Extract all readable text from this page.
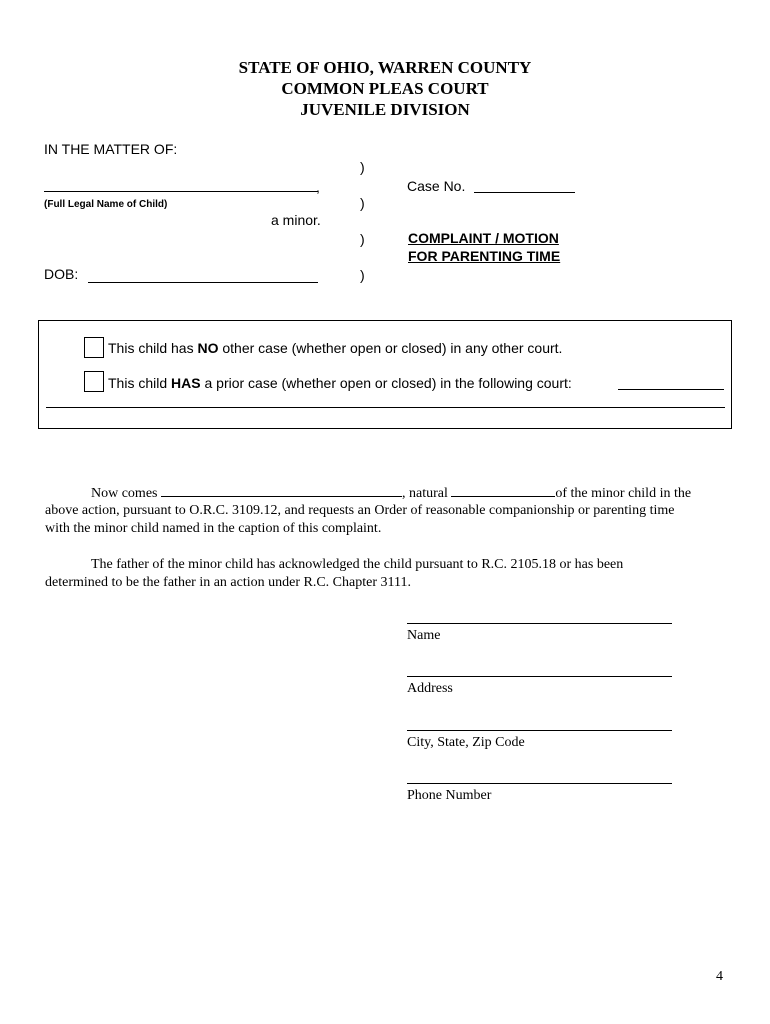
STATE OF OHIO, WARREN COUNTY
COMMON PLEAS COURT
JUVENILE DIVISION
IN THE MATTER OF:
,
(Full Legal Name of Child)
a minor.
DOB:
)
)
)
)
Case No.
COMPLAINT / MOTION
FOR PARENTING TIME
This child has NO other case (whether open or closed) in any other court.
This child HAS a prior case (whether open or closed) in the following court:
Now comes	, natural	of the minor child in the
above action, pursuant to O.R.C. 3109.12, and requests an Order of reasonable companionship or parenting time
with the minor child named in the caption of this complaint.
The father of the minor child has acknowledged the child pursuant to R.C. 2105.18 or has been
determined to be the father in an action under R.C. Chapter 3111.
Name
Address
City, State, Zip Code
Phone Number
4
